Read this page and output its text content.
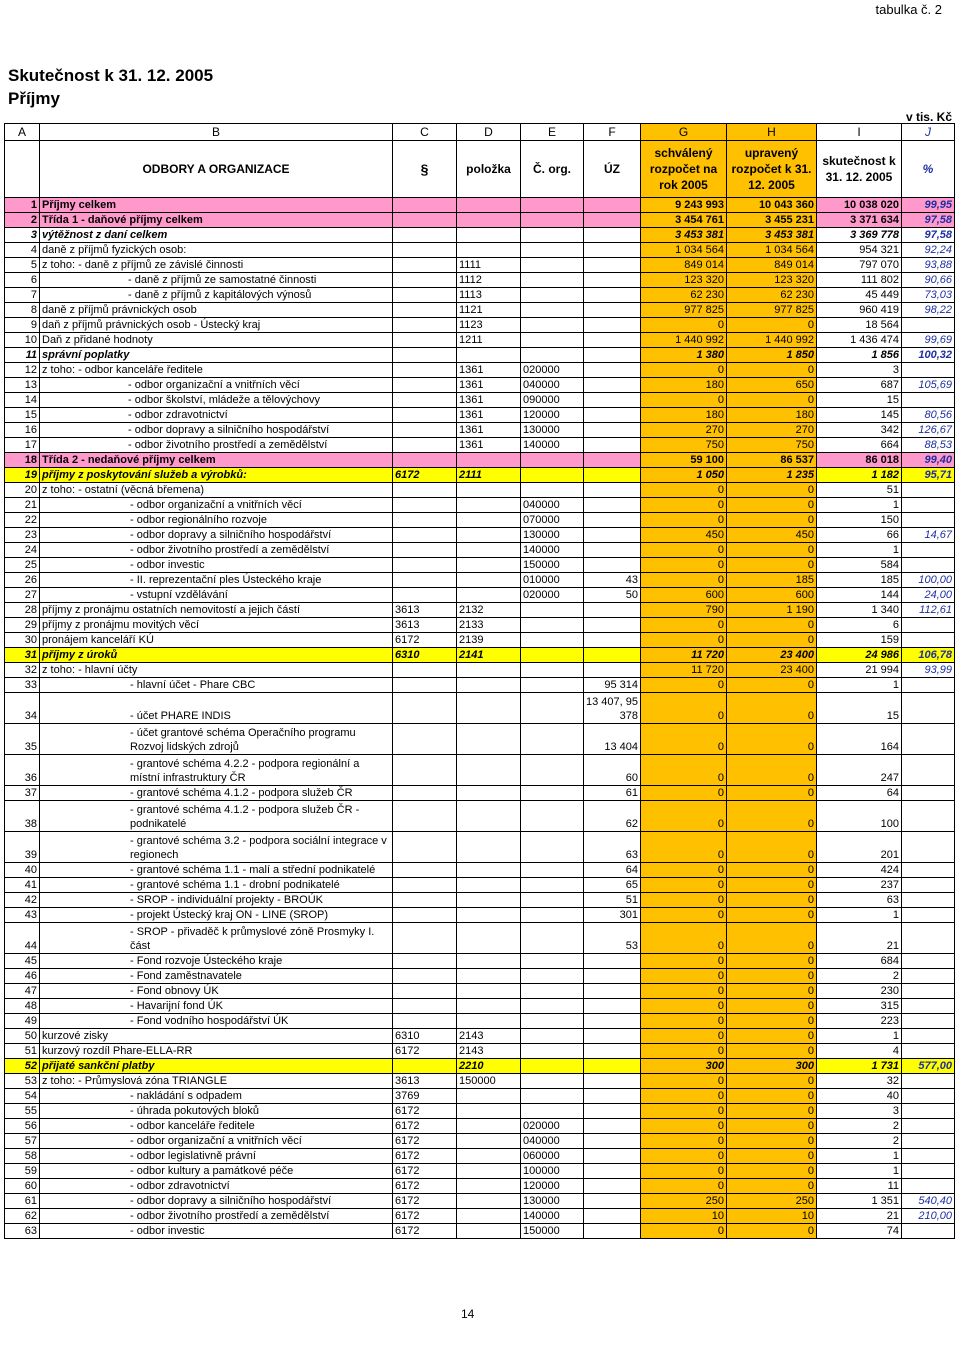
tabulka č. 2
Skutečnost k 31. 12. 2005
Příjmy
v tis. Kč
A	B	C	D	E	F	G	H	I	J
	ODBORY A ORGANIZACE	§	položka	Č. org.	ÚZ	schválený rozpočet na rok 2005	upravený rozpočet k 31. 12. 2005	skutečnost k 31. 12. 2005	%
1	Příjmy celkem					9 243 993	10 043 360	10 038 020	99,95
2	Třída 1 - daňové příjmy celkem					3 454 761	3 455 231	3 371 634	97,58
3	výtěžnost z daní celkem					3 453 381	3 453 381	3 369 778	97,58
4	daně z příjmů fyzických osob:					1 034 564	1 034 564	954 321	92,24
5	z toho: - daně z příjmů ze závislé činnosti		1111			849 014	849 014	797 070	93,88
6	- daně z příjmů ze samostatné činnosti		1112			123 320	123 320	111 802	90,66
7	- daně z příjmů z kapitálových výnosů		1113			62 230	62 230	45 449	73,03
8	daně z příjmů právnických osob		1121			977 825	977 825	960 419	98,22
9	daň z příjmů právnických osob - Ústecký kraj		1123			0	0	18 564	
10	Daň z přidané hodnoty		1211			1 440 992	1 440 992	1 436 474	99,69
11	správní poplatky					1 380	1 850	1 856	100,32
12	z toho: - odbor kanceláře ředitele		1361	020000		0	0	3	
13	- odbor organizační a vnitřních věcí		1361	040000		180	650	687	105,69
14	- odbor školství, mládeže a tělovýchovy		1361	090000		0	0	15	
15	- odbor zdravotnictví		1361	120000		180	180	145	80,56
16	- odbor dopravy a silničního hospodářství		1361	130000		270	270	342	126,67
17	- odbor životního prostředí a zemědělství		1361	140000		750	750	664	88,53
18	Třída 2 - nedaňové příjmy celkem					59 100	86 537	86 018	99,40
19	příjmy z poskytování služeb a výrobků:	6172	2111			1 050	1 235	1 182	95,71
20	z toho: - ostatní (věcná břemena)					0	0	51	
21	- odbor organizační a vnitřních věcí			040000		0	0	1	
22	- odbor regionálního rozvoje			070000		0	0	150	
23	- odbor dopravy a silničního hospodářství			130000		450	450	66	14,67
24	- odbor životního prostředí a zemědělství			140000		0	0	1	
25	- odbor investic			150000		0	0	584	
26	- II. reprezentační ples Ústeckého kraje			010000	43	0	185	185	100,00
27	- vstupní vzdělávání			020000	50	600	600	144	24,00
28	příjmy z pronájmu ostatních nemovitostí a jejich částí	3613	2132			790	1 190	1 340	112,61
29	příjmy z pronájmu movitých věcí	3613	2133			0	0	6	
30	pronájem kanceláří KÚ	6172	2139			0	0	159	
31	příjmy z úroků	6310	2141			11 720	23 400	24 986	106,78
32	z toho: - hlavní účty					11 720	23 400	21 994	93,99
33	- hlavní účet - Phare CBC				95 314	0	0	1	
34	- účet PHARE INDIS				13 407, 95 378	0	0	15	
35	- účet grantové schéma Operačního programu Rozvoj lidských zdrojů				13 404	0	0	164	
36	- grantové schéma 4.2.2 - podpora regionální a místní infrastruktury ČR				60	0	0	247	
37	- grantové schéma 4.1.2 - podpora služeb ČR				61	0	0	64	
38	- grantové schéma 4.1.2 - podpora služeb ČR - podnikatelé				62	0	0	100	
39	- grantové schéma 3.2 - podpora sociální integrace v regionech				63	0	0	201	
40	- grantové schéma 1.1 - malí a střední podnikatelé				64	0	0	424	
41	- grantové schéma 1.1 - drobní podnikatelé				65	0	0	237	
42	- SROP - individuální projekty - BROÚK				51	0	0	63	
43	- projekt Ústecký kraj ON - LINE (SROP)				301	0	0	1	
44	- SROP - přivaděč k průmyslové zóně Prosmyky I. část				53	0	0	21	
45	- Fond rozvoje Ústeckého kraje					0	0	684	
46	- Fond zaměstnavatele					0	0	2	
47	- Fond obnovy ÚK					0	0	230	
48	- Havarijní fond ÚK					0	0	315	
49	- Fond vodního hospodářství ÚK					0	0	223	
50	kurzové zisky	6310	2143			0	0	1	
51	kurzový rozdíl Phare-ELLA-RR	6172	2143			0	0	4	
52	přijaté sankční platby		2210			300	300	1 731	577,00
53	z toho: - Průmyslová zóna TRIANGLE	3613	150000			0	0	32	
54	- nakládání s odpadem	3769				0	0	40	
55	- úhrada pokutových bloků	6172				0	0	3	
56	- odbor kanceláře ředitele	6172		020000		0	0	2	
57	- odbor organizační a vnitřních věcí	6172		040000		0	0	2	
58	- odbor legislativně právní	6172		060000		0	0	1	
59	- odbor kultury a památkové péče	6172		100000		0	0	1	
60	- odbor zdravotnictví	6172		120000		0	0	11	
61	- odbor dopravy a silničního hospodářství	6172		130000		250	250	1 351	540,40
62	- odbor životního prostředí a zemědělství	6172		140000		10	10	21	210,00
63	- odbor investic	6172		150000		0	0	74	
14
